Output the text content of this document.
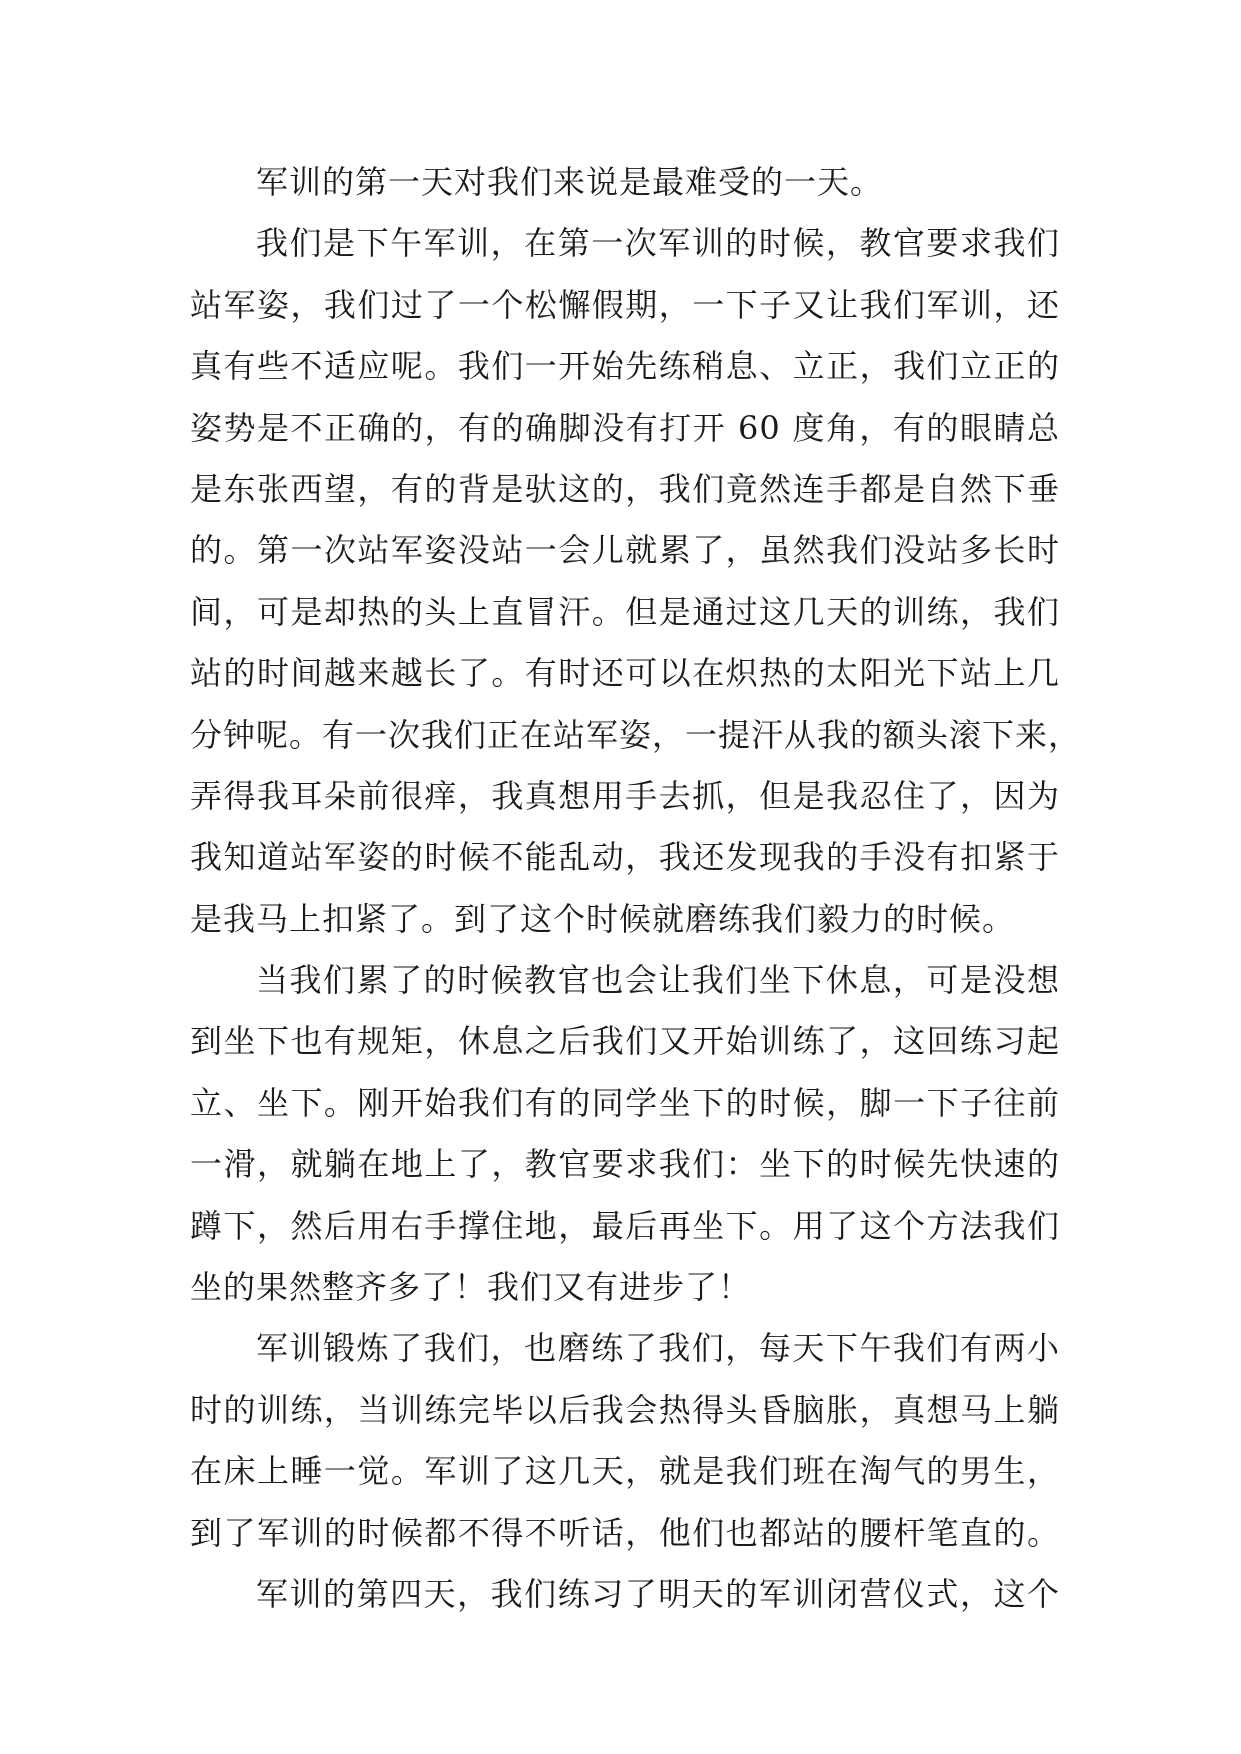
军训的第一天对我们来说是最难受的一天。
我们是下午军训，在第一次军训的时候，教官要求我们
站军姿，我们过了一个松懈假期，一下子又让我们军训，还
真有些不适应呢。我们一开始先练稍息、立正，我们立正的
姿势是不正确的，有的确脚没有打开 60 度角，有的眼睛总
是东张西望，有的背是驮这的，我们竟然连手都是自然下垂
的。第一次站军姿没站一会儿就累了，虽然我们没站多长时
间，可是却热的头上直冒汗。但是通过这几天的训练，我们
站的时间越来越长了。有时还可以在炽热的太阳光下站上几
分钟呢。有一次我们正在站军姿，一提汗从我的额头滚下来，
弄得我耳朵前很痒，我真想用手去抓，但是我忍住了，因为
我知道站军姿的时候不能乱动，我还发现我的手没有扣紧于
是我马上扣紧了。到了这个时候就磨练我们毅力的时候。
当我们累了的时候教官也会让我们坐下休息，可是没想
到坐下也有规矩，休息之后我们又开始训练了，这回练习起
立、坐下。刚开始我们有的同学坐下的时候，脚一下子往前
一滑，就躺在地上了，教官要求我们：坐下的时候先快速的
蹲下，然后用右手撑住地，最后再坐下。用了这个方法我们
坐的果然整齐多了！我们又有进步了！
军训锻炼了我们，也磨练了我们，每天下午我们有两小
时的训练，当训练完毕以后我会热得头昏脑胀，真想马上躺
在床上睡一觉。军训了这几天，就是我们班在淘气的男生，
到了军训的时候都不得不听话，他们也都站的腰杆笔直的。
军训的第四天，我们练习了明天的军训闭营仪式，这个
